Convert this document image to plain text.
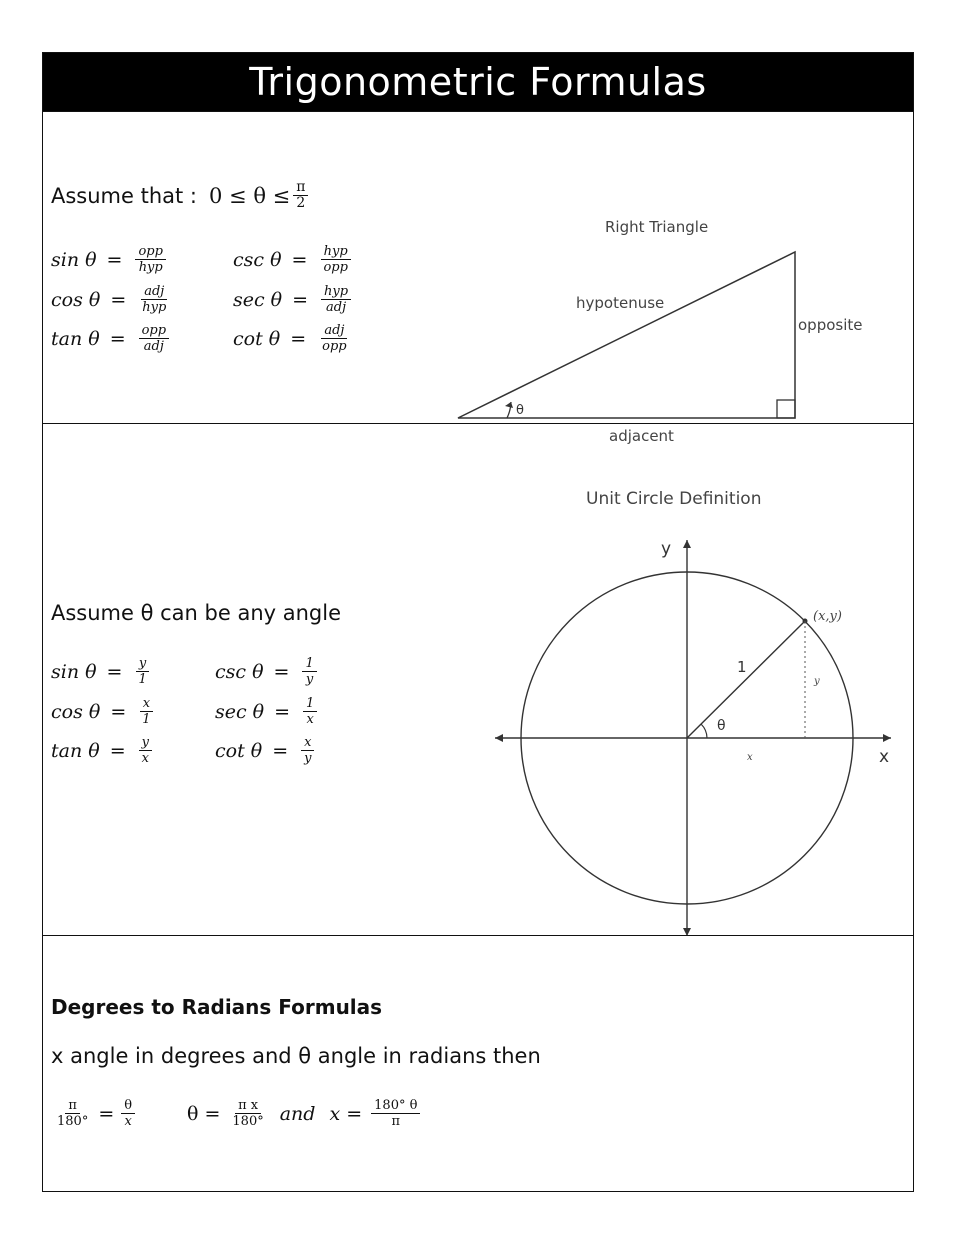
Trigonometric Formulas
Assume that : $0 \le \theta \le \frac{\pi}{2}$
$\sin \theta = \frac{\text{opp}}{\text{hyp}}$
$\cos \theta = \frac{\text{adj}}{\text{hyp}}$
$\tan \theta = \frac{\text{opp}}{\text{adj}}$
$\csc \theta = \frac{\text{hyp}}{\text{opp}}$
$\sec \theta = \frac{\text{hyp}}{\text{adj}}$
$\cot \theta = \frac{\text{adj}}{\text{opp}}$
Right Triangle
θ
hypotenuse
opposite
adjacent
Assume θ can be any angle
$\sin \theta = \frac{y}{1}$
$\cos \theta = \frac{x}{1}$
$\tan \theta = \frac{y}{x}$
$\csc \theta = \frac{1}{y}$
$\sec \theta = \frac{1}{x}$
$\cot \theta = \frac{x}{y}$
Unit Circle Definition
y
x
(x,y)
1
θ
x
y
Degrees to Radians Formulas
x angle in degrees and θ angle in radians then
$\frac{\pi}{180^\circ} = \frac{\theta}{x}$	$\theta = \frac{\text{π x}}{180^\circ}$ and $x = \frac{180^\circ \theta}{\pi}$
